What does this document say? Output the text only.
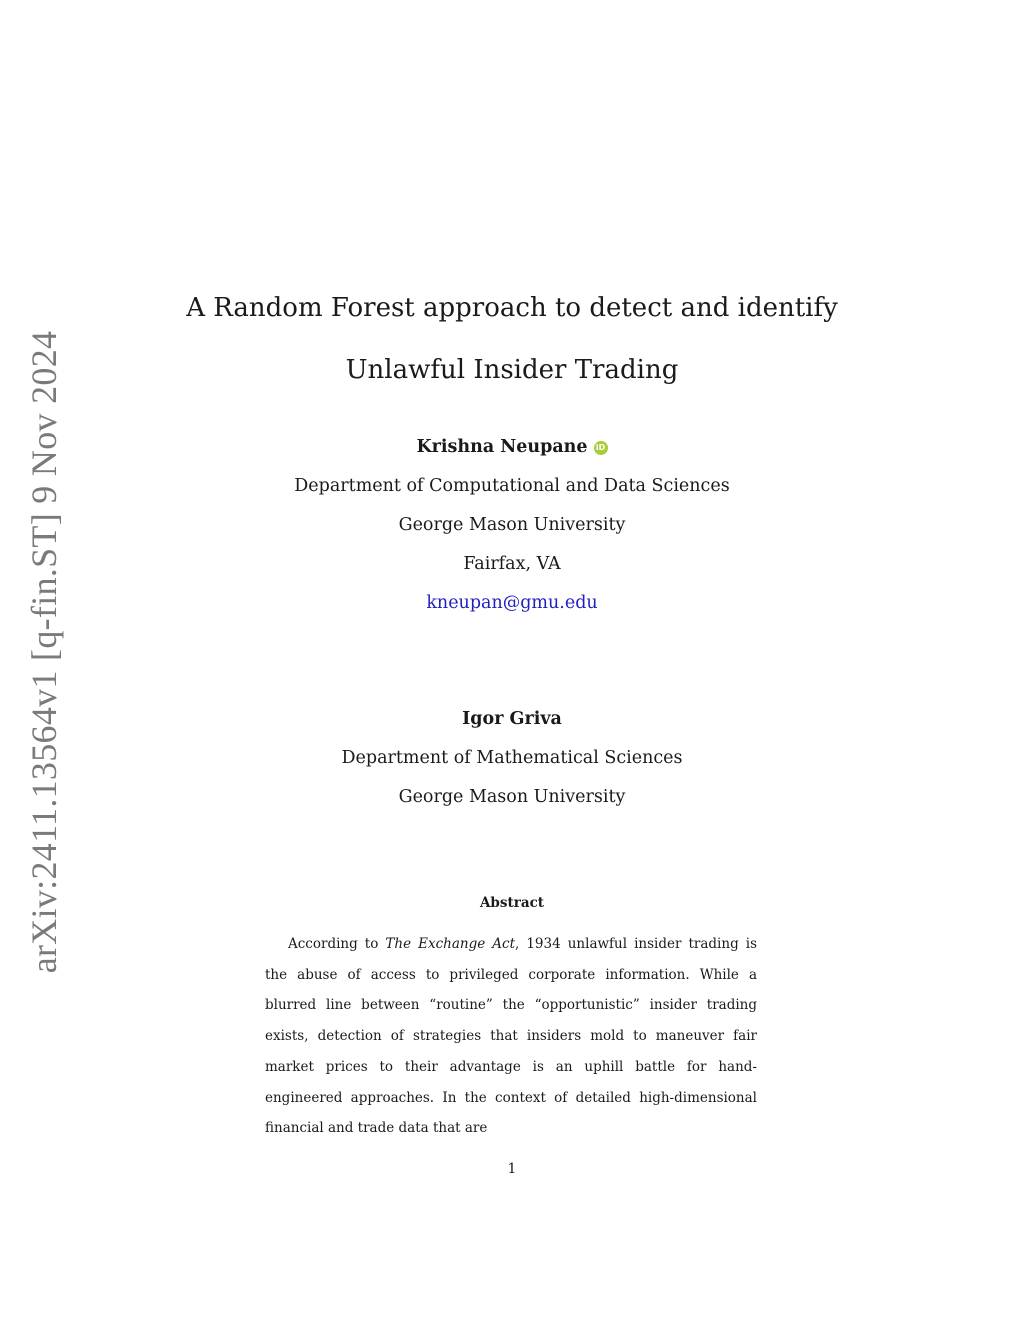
arXiv:2411.13564v1 [q-fin.ST] 9 Nov 2024
A Random Forest approach to detect and identify
Unlawful Insider Trading
Krishna Neupane iD
Department of Computational and Data Sciences
George Mason University
Fairfax, VA
kneupan@gmu.edu
Igor Griva
Department of Mathematical Sciences
George Mason University
Abstract

According to The Exchange Act, 1934 unlawful insider trading is the abuse of access to privileged corporate information. While a blurred line between “routine” the “opportunistic” insider trading exists, detection of strategies that insiders mold to maneuver fair market prices to their advantage is an uphill battle for hand-engineered approaches. In the context of detailed high-dimensional financial and trade data that are

1
